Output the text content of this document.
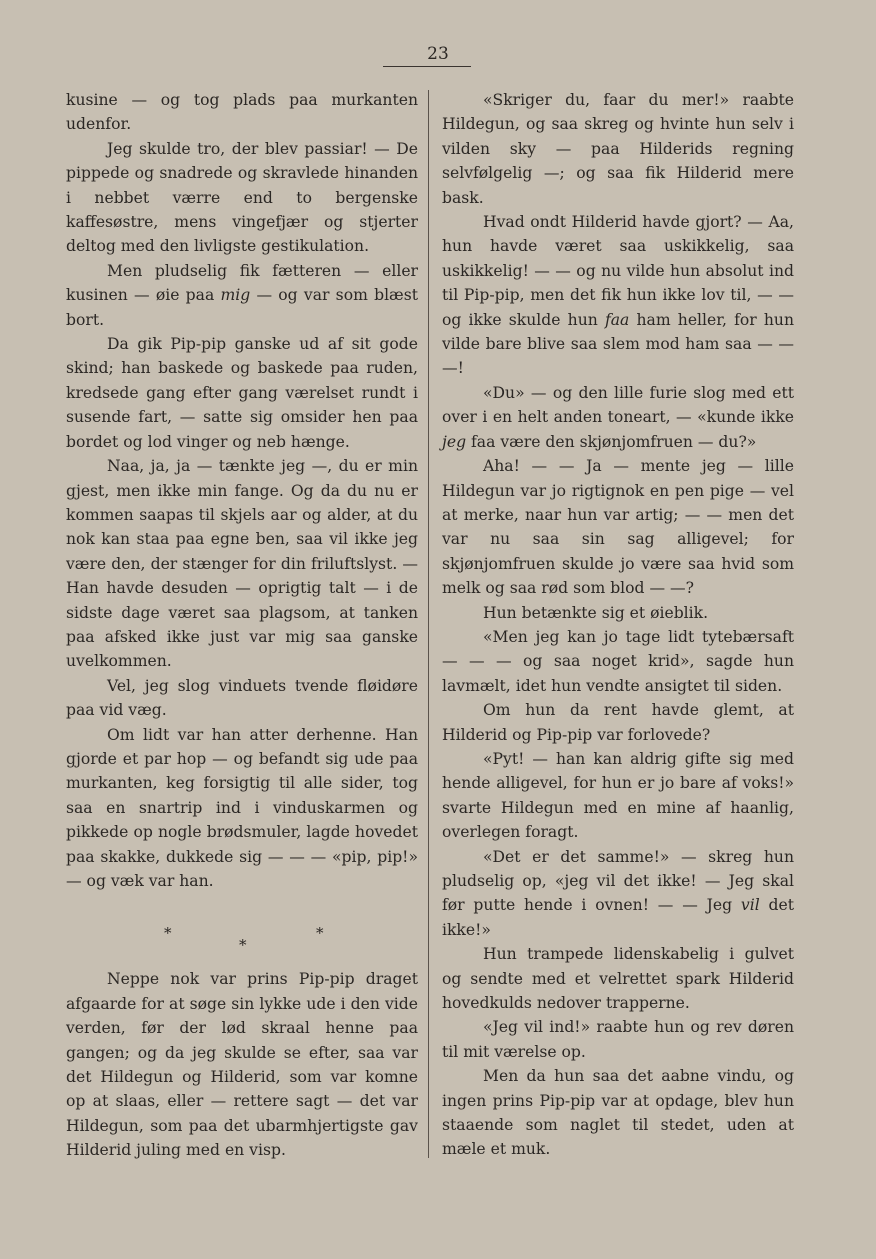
23

kusine — og tog plads paa murkanten udenfor.

Jeg skulde tro, der blev passiar! — De pippede og snadrede og skravlede hinanden i nebbet værre end to bergenske kaffesøstre, mens vingefjær og stjerter deltog med den livligste gestikulation.

Men pludselig fik fætteren — eller kusinen — øie paa mig — og var som blæst bort.

Da gik Pip-pip ganske ud af sit gode skind; han baskede og baskede paa ruden, kredsede gang efter gang værelset rundt i susende fart, — satte sig omsider hen paa bordet og lod vinger og neb hænge.

Naa, ja, ja — tænkte jeg —, du er min gjest, men ikke min fange. Og da du nu er kommen saapas til skjels aar og alder, at du nok kan staa paa egne ben, saa vil ikke jeg være den, der stænger for din friluftslyst. — Han havde desuden — oprigtig talt — i de sidste dage været saa plagsom, at tanken paa afsked ikke just var mig saa ganske uvelkommen.

Vel, jeg slog vinduets tvende fløidøre paa vid væg.

Om lidt var han atter derhenne. Han gjorde et par hop — og befandt sig ude paa murkanten, keg forsigtig til alle sider, tog saa en snartrip ind i vinduskarmen og pikkede op nogle brødsmuler, lagde hovedet paa skakke, dukkede sig — — — «pip, pip!» — og væk var han.

*
*
*

Neppe nok var prins Pip-pip draget afgaarde for at søge sin lykke ude i den vide verden, før der lød skraal henne paa gangen; og da jeg skulde se efter, saa var det Hildegun og Hilderid, som var komne op at slaas, eller — rettere sagt — det var Hildegun, som paa det ubarmhjertigste gav Hilderid juling med en visp.

«Skriger du, faar du mer!» raabte Hildegun, og saa skreg og hvinte hun selv i vilden sky — paa Hilderids regning selvfølgelig —; og saa fik Hilderid mere bask.

Hvad ondt Hilderid havde gjort? — Aa, hun havde været saa uskikkelig, saa uskikkelig! — — og nu vilde hun absolut ind til Pip-pip, men det fik hun ikke lov til, — — og ikke skulde hun faa ham heller, for hun vilde bare blive saa slem mod ham saa — — —!

«Du» — og den lille furie slog med ett over i en helt anden toneart, — «kunde ikke jeg faa være den skjønjomfruen — du?»

Aha! — — Ja — mente jeg — lille Hildegun var jo rigtignok en pen pige — vel at merke, naar hun var artig; — — men det var nu saa sin sag alligevel; for skjønjomfruen skulde jo være saa hvid som melk og saa rød som blod — —?

Hun betænkte sig et øieblik.

«Men jeg kan jo tage lidt tytebærsaft — — — og saa noget krid», sagde hun lavmælt, idet hun vendte ansigtet til siden.

Om hun da rent havde glemt, at Hilderid og Pip-pip var forlovede?

«Pyt! — han kan aldrig gifte sig med hende alligevel, for hun er jo bare af voks!» svarte Hildegun med en mine af haanlig, overlegen foragt.

«Det er det samme!» — skreg hun pludselig op, «jeg vil det ikke! — Jeg skal før putte hende i ovnen! — — Jeg vil det ikke!»

Hun trampede lidenskabelig i gulvet og sendte med et velrettet spark Hilderid hovedkulds nedover trapperne.

«Jeg vil ind!» raabte hun og rev døren til mit værelse op.

Men da hun saa det aabne vindu, og ingen prins Pip-pip var at opdage, blev hun staaende som naglet til stedet, uden at mæle et muk.
